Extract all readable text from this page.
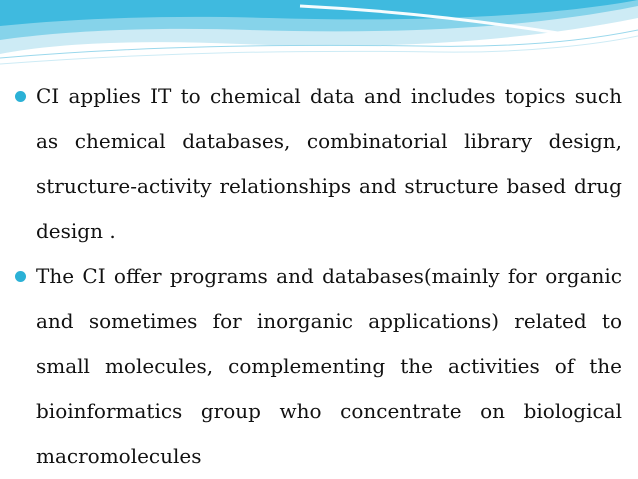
CI applies IT to chemical data and includes topics such as chemical databases, combinatorial library design, structure-activity relationships and structure based drug design .
The CI offer programs and databases(mainly for organic and sometimes for inorganic applications) related to small molecules, complementing the activities of the bioinformatics group who concentrate on biological macromolecules
